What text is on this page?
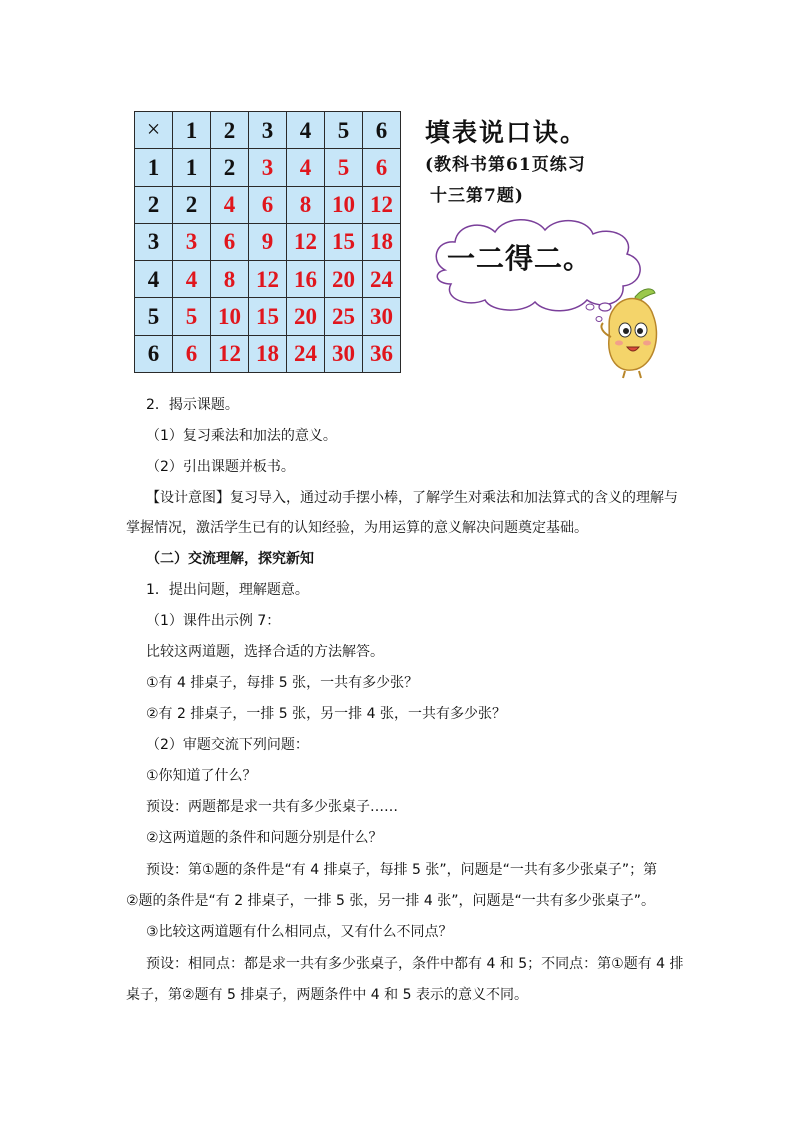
×	1	2	3	4	5	6
1	1	2	3	4	5	6
2	2	4	6	8	10	12
3	3	6	9	12	15	18
4	4	8	12	16	20	24
5	5	10	15	20	25	30
6	6	12	18	24	30	36
填表说口诀。
(教科书第61页练习
十三第7题)
一二得二。
2．揭示课题。
（1）复习乘法和加法的意义。
（2）引出课题并板书。
【设计意图】复习导入，通过动手摆小棒，了解学生对乘法和加法算式的含义的理解与
掌握情况，激活学生已有的认知经验，为用运算的意义解决问题奠定基础。
（二）交流理解，探究新知
1．提出问题，理解题意。
（1）课件出示例 7：
比较这两道题，选择合适的方法解答。
①有 4 排桌子，每排 5 张，一共有多少张？
②有 2 排桌子，一排 5 张，另一排 4 张，一共有多少张？
（2）审题交流下列问题：
①你知道了什么？
预设：两题都是求一共有多少张桌子……
②这两道题的条件和问题分别是什么？
预设：第①题的条件是“有 4 排桌子，每排 5 张”，问题是“一共有多少张桌子”；第
②题的条件是“有 2 排桌子，一排 5 张，另一排 4 张”，问题是“一共有多少张桌子”。
③比较这两道题有什么相同点，又有什么不同点？
预设：相同点：都是求一共有多少张桌子，条件中都有 4 和 5；不同点：第①题有 4 排
桌子，第②题有 5 排桌子，两题条件中 4 和 5 表示的意义不同。
